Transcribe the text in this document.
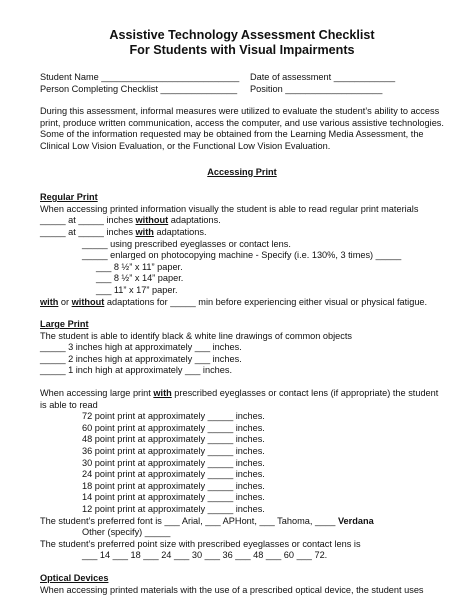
Assistive Technology Assessment Checklist

For Students with Visual Impairments

Student Name ___________________________	Date of assessment ____________
Person Completing Checklist _______________	Position ___________________

During this assessment, informal measures were utilized to evaluate the student’s ability to access print, produce written communication, access the computer, and use various assistive technologies. Some of the information requested may be obtained from the Learning Media Assessment, the Clinical Low Vision Evaluation, or the Functional Low Vision Evaluation.

Accessing Print

Regular Print

When accessing printed information visually the student is able to read regular print materials

_____ at _____ inches without adaptations.

_____ at _____ inches with adaptations.

_____ using prescribed eyeglasses or contact lens.

_____ enlarged on photocopying machine - Specify (i.e. 130%, 3 times) _____

___ 8 ½” x 11” paper.

___ 8 ½” x 14” paper.

___ 11” x 17” paper.

with or without adaptations for _____ min before experiencing either visual or physical fatigue.

Large Print

The student is able to identify black & white line drawings of common objects

_____ 3 inches high at approximately ___ inches.

_____ 2 inches high at approximately ___ inches.

_____ 1 inch high at approximately ___ inches.

When accessing large print with prescribed eyeglasses or contact lens (if appropriate) the student is able to read

72 point print at approximately _____ inches.

60 point print at approximately _____ inches.

48 point print at approximately _____ inches.

36 point print at approximately _____ inches.

30 point print at approximately _____ inches.

24 point print at approximately _____ inches.

18 point print at approximately _____ inches.

14 point print at approximately _____ inches.

12 point print at approximately _____ inches.

The student’s preferred font is ___ Arial, ___ APHont, ___ Tahoma, ____ Verdana

Other (specify) _____

The student’s preferred point size with prescribed eyeglasses or contact lens is

___ 14 ___ 18 ___ 24 ___ 30 ___ 36 ___ 48 ___ 60 ___ 72.

Optical Devices

When accessing printed materials with the use of a prescribed optical device, the student uses
